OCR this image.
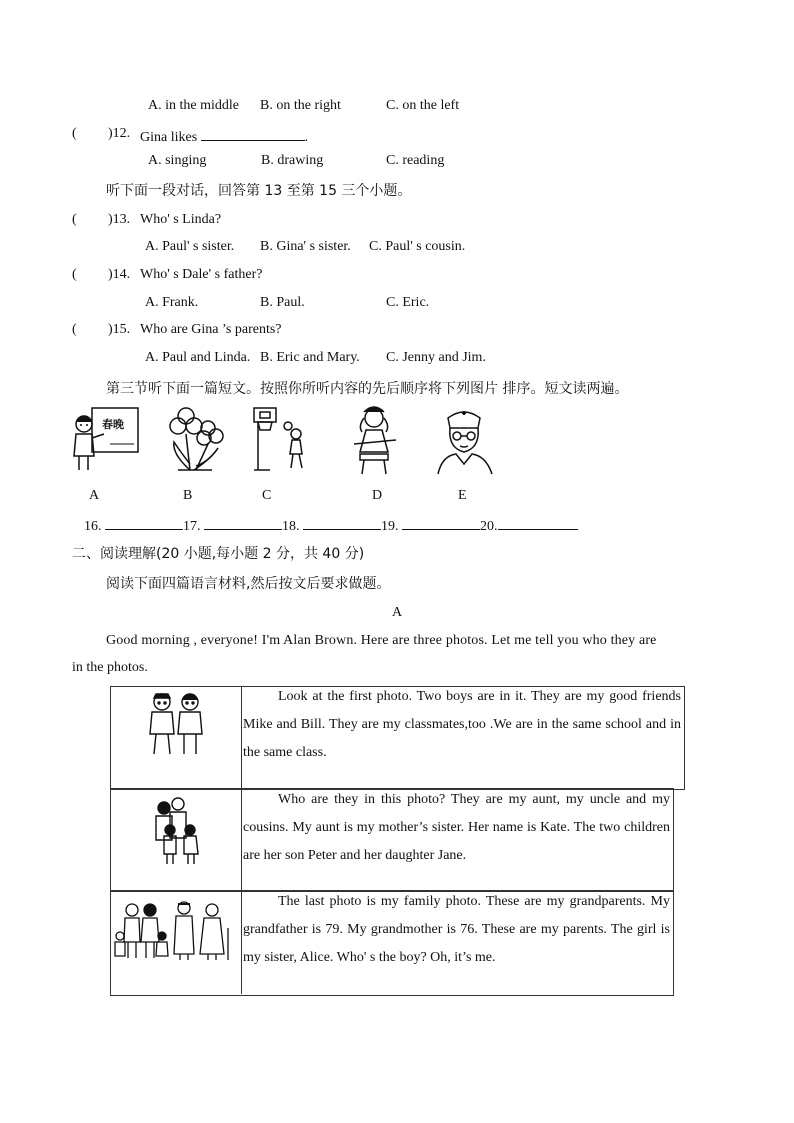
A. in the middle B. on the right	C. on the left
( )12. Gina likes	.
A. singing	B. drawing	C. reading
听下面一段对话，回答第 13 至第 15 三个小题。
( )13. Who' s Linda?
A. Paul' s sister. B. Gina' s sister. C. Paul' s cousin.
( )14. Who' s Dale' s father?
A. Frank.	B. Paul.	C. Eric.
( )15. Who are Gina ’s parents?
A. Paul and Linda. B. Eric and Mary. C. Jenny and Jim.
第三节听下面一篇短文。按照你所听内容的先后顺序将下列图片 排序。短文读两遍。
春晚
A	B	C	D	E
16.	17.	18.	19.	20.
二、阅读理解(20 小题,每小题 2 分，共 40 分)
阅读下面四篇语言材料,然后按文后要求做题。
A
Good morning , everyone! I'm Alan Brown. Here are three photos. Let me tell you who they are
in the photos.
Look at the first photo. Two boys are in it. They are my good friends Mike and Bill. They are my classmates,too .We are in the same school and in the same class.
Who are they in this photo? They are my aunt, my uncle and my cousins. My aunt is my mother’s sister. Her name is Kate. The two children are her son Peter and her daughter Jane.
The last photo is my family photo. These are my grandparents. My grandfather is 79. My grandmother is 76. These are my parents. The girl is my sister, Alice. Who' s the boy? Oh, it’s me.
